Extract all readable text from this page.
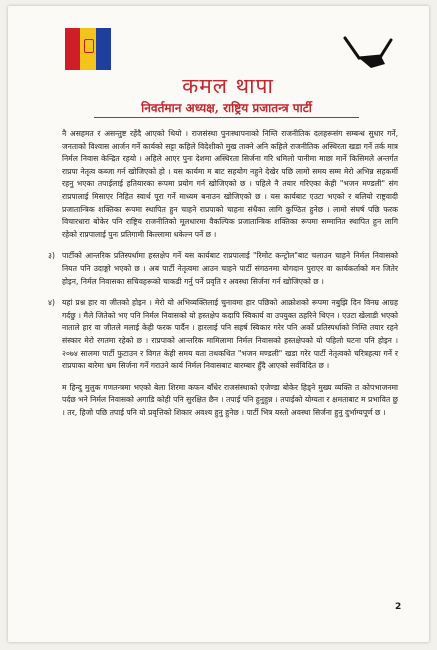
कमल थापा
निवर्तमान अध्यक्ष, राष्ट्रिय प्रजातन्त्र पार्टी
नै असहमत र असन्तुष्ट रहेंदै आएको थियो । राजसंस्था पुनःस्थापनाको निम्ति राजनीतिक दलहरूसंग सम्बन्ध सुधार गर्ने, जनताको विश्वास आर्जन गर्ने कार्यको सट्टा कहिले विदेशीको मुख ताक्ने अनि कहिले राजनीतिक अस्थिरता खडा गर्ने तर्क मात्र निर्मल निवास केन्द्रित रहयो । अहिले आएर पुनः देशमा अस्थिरता सिर्जना गरि धमिलो पानीमा माछा मार्ने किसिमले अन्तर्गत राप्रपा नेतृत्व कब्जा गर्न खोजिएको हो । यस कार्यमा म बाट सहयोग नहुने देखेर पछि लामो समय सम्म मेरो अभिन्न सहकर्मी रहनु भएका तपाईलाई हतियारका रूपमा प्रयोग गर्न खोजिएको छ । पहिले नै तयार गरिएका केही "भजन मण्डली" संग राप्रपालाई मिसाएर निहित स्वार्थ पूरा गर्ने माध्यम बनाउन खोजिएको छ । यस कार्यबाट एउटा भएको र बलियो राष्ट्रवादी प्रजातान्त्रिक शक्तिका रूपमा स्थापित हुन चाहने राप्रपाको चाहना संधैका लागि कुण्ठित हुनेछ । लामो संघर्ष पछि फरक विचारधारा बोकेर पनि राष्ट्रिय राजनीतिको मूलधारमा वैकल्पिक प्रजातान्त्रिक शक्तिका रूपमा सम्मानित स्थापित हुन लागि रहेको राप्रपालाई पुनः प्रतिगामी किल्लामा धकेल्न पर्ने छ ।
३) पार्टीको आन्तरिक प्रतिस्पर्धामा हस्तक्षेप गर्ने यस कार्यबाट राप्रपालाई "रिमोट कन्ट्रोल"बाट चलाउन चाहने निर्मल निवासको नियत पनि उदाङ्गो भएको छ । अब पार्टी नेतृत्वमा आउन चाहने पार्टी संगठनमा योगदान पुराएर वा कार्यकर्ताको मन जितेर होइन, निर्मल निवासका सचिवहरूको चाकडी गर्नु पर्ने प्रवृति र अवस्था सिर्जना गर्न खोजिएको छ ।
४) यहां प्रश्न हार वा जीतको होइन । मेरो यो अभिव्यक्तिलाई चुनावमा हार पछिको आक्रोशको रूपमा नबुझि दिन विनम्र आग्रह गर्दछु । मैले जितेको भए पनि निर्मल निवासको यो हस्तक्षेप कदापि स्विकार्य वा उपयुक्त ठहरिने थिएन । एउटा खेलाडी भएको नाताले हार वा जीतले मलाई केही फरक पार्दैन । हारलाई पनि सहर्ष स्विकार गरेर पनि अर्को प्रतिस्पर्धाको निम्ति तयार रहने संस्कार मेरो रगतमा रहेको छ । राप्रपाको आन्तरिक मामिलामा निर्मल निवासको हस्तक्षेपको यो पहिलो घटना पनि होइन । २०७४ सालमा पार्टी फुटाउन र विगत केही समय यता तथकथित "भजन मण्डली" खडा गरेर पार्टी नेतृत्वको चरित्रहत्या गर्ने र राप्रपाका बारेमा भ्रम सिर्जना गर्ने गराउने कार्य निर्मल निवासबाट बारम्बार हुँदै आएको सर्वविदित छ ।
म हिन्दु मुलुक गणतन्त्रमा भएको बेला शिरमा कफन बाँधेर राजसंस्थाको एजेण्डा बोकेर हिड्ने मुख्य व्यक्ति त कोपभाजनमा पर्दछ भने निर्मल निवासको अगाडि कोही पनि सुरक्षित छैन । तपाई पनि हुनुहुन्न । तपाईको योग्यता र क्षमताबाट म प्रभावित छु । तर, हिजो पछि तपाई पनि यो प्रवृत्तिको शिकार अवश्य हुनु हुनेछ । पार्टी भित्र यस्तो अवस्था सिर्जना हुनु दुर्भाग्यपूर्ण छ ।
2
